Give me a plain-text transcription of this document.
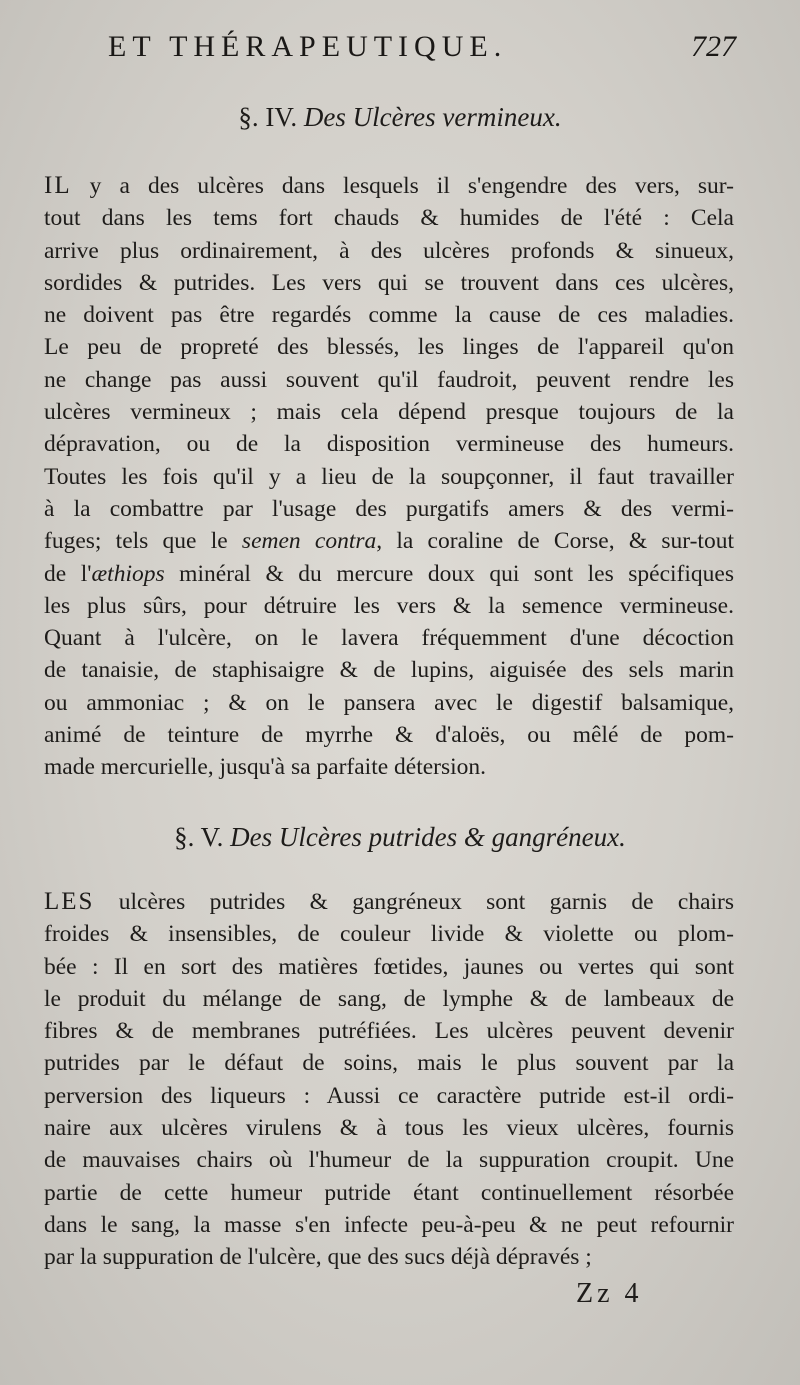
ET THÉRAPEUTIQUE.	727
§. IV. Des Ulcères vermineux.
IL y a des ulcères dans lesquels il s'engendre des vers, sur-
tout dans les tems fort chauds & humides de l'été : Cela
arrive plus ordinairement, à des ulcères profonds & sinueux,
sordides & putrides. Les vers qui se trouvent dans ces ulcères,
ne doivent pas être regardés comme la cause de ces maladies.
Le peu de propreté des blessés, les linges de l'appareil qu'on
ne change pas aussi souvent qu'il faudroit, peuvent rendre les
ulcères vermineux ; mais cela dépend presque toujours de la
dépravation, ou de la disposition vermineuse des humeurs.
Toutes les fois qu'il y a lieu de la soupçonner, il faut travailler
à la combattre par l'usage des purgatifs amers & des vermi-
fuges; tels que le semen contra, la coraline de Corse, & sur-tout
de l'æthiops minéral & du mercure doux qui sont les spécifiques
les plus sûrs, pour détruire les vers & la semence vermineuse.
Quant à l'ulcère, on le lavera fréquemment d'une décoction
de tanaisie, de staphisaigre & de lupins, aiguisée des sels marin
ou ammoniac ; & on le pansera avec le digestif balsamique,
animé de teinture de myrrhe & d'aloës, ou mêlé de pom-
made mercurielle, jusqu'à sa parfaite détersion.
§. V. Des Ulcères putrides & gangréneux.
LES ulcères putrides & gangréneux sont garnis de chairs
froides & insensibles, de couleur livide & violette ou plom-
bée : Il en sort des matières fœtides, jaunes ou vertes qui sont
le produit du mélange de sang, de lymphe & de lambeaux de
fibres & de membranes putréfiées. Les ulcères peuvent devenir
putrides par le défaut de soins, mais le plus souvent par la
perversion des liqueurs : Aussi ce caractère putride est-il ordi-
naire aux ulcères virulens & à tous les vieux ulcères, fournis
de mauvaises chairs où l'humeur de la suppuration croupit. Une
partie de cette humeur putride étant continuellement résorbée
dans le sang, la masse s'en infecte peu-à-peu & ne peut refournir
par la suppuration de l'ulcère, que des sucs déjà dépravés ;
Zz 4
